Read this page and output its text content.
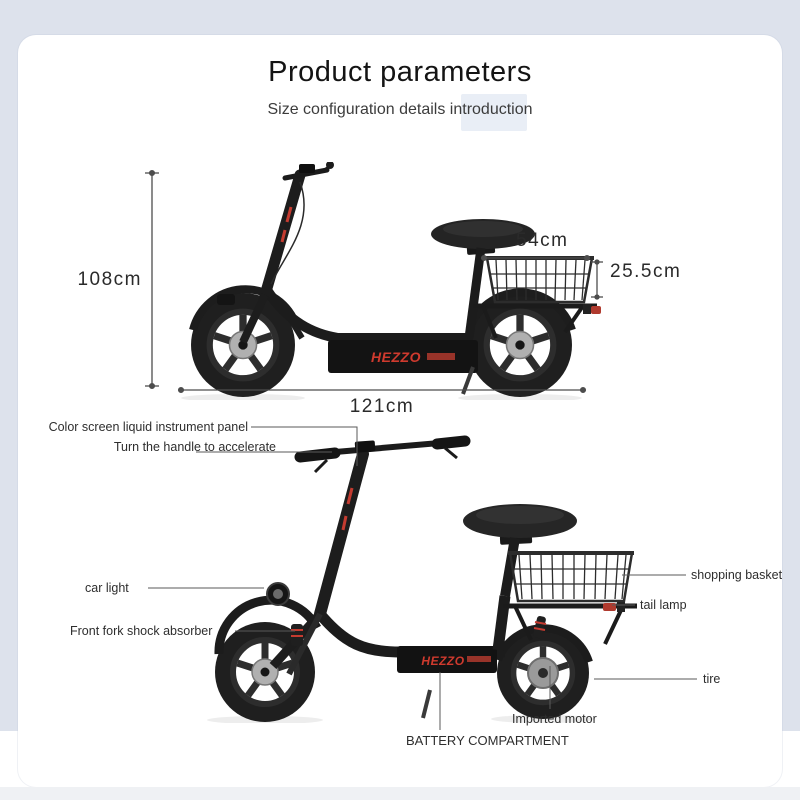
Product parameters
Size configuration details introduction
HEZZO
HEZZO
108cm
121cm
54cm
25.5cm
Color screen liquid instrument panel
Turn the handle to accelerate
car light
Front fork shock absorber
shopping basket
tail lamp
tire
Imported motor
BATTERY COMPARTMENT
